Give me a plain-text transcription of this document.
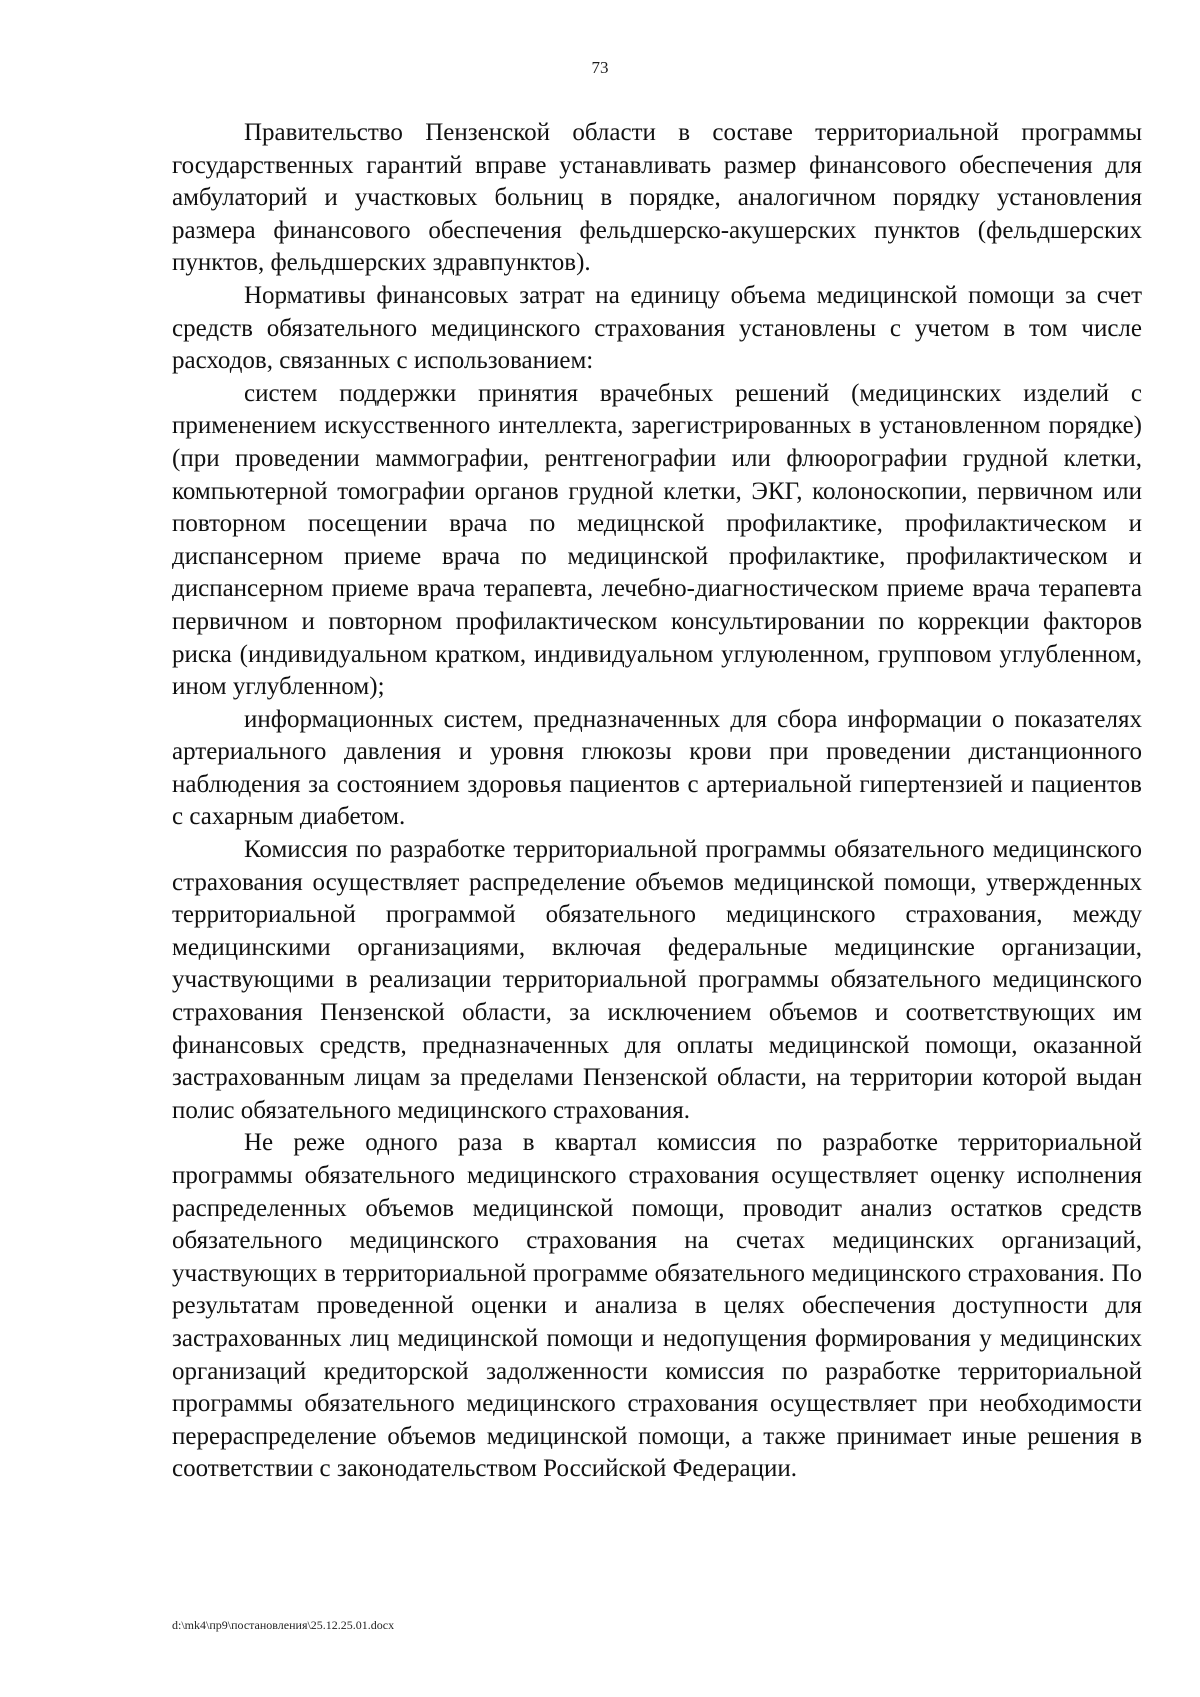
73

Правительство Пензенской области в составе территориальной программы государственных гарантий вправе устанавливать размер финансового обеспечения для амбулаторий и участковых больниц в порядке, аналогичном порядку установления размера финансового обеспечения фельдшерско-акушерских пунктов (фельдшерских пунктов, фельдшерских здравпунктов).

Нормативы финансовых затрат на единицу объема медицинской помощи за счет средств обязательного медицинского страхования установлены с учетом в том числе расходов, связанных с использованием:

систем поддержки принятия врачебных решений (медицинских изделий с применением искусственного интеллекта, зарегистрированных в установленном порядке) (при проведении маммографии, рентгенографии или флюорографии грудной клетки, компьютерной томографии органов грудной клетки, ЭКГ, колоноскопии, первичном или повторном посещении врача по медицнской профилактике, профилактическом и диспансерном приеме врача по медицинской профилактике, профилактическом и диспансерном приеме врача терапевта, лечебно-диагностическом приеме врача терапевта первичном и повторном профилактическом консультировании по коррекции факторов риска (индивидуальном кратком, индивидуальном углуюленном, групповом углубленном, ином углубленном);

информационных систем, предназначенных для сбора информации о показателях артериального давления и уровня глюкозы крови при проведении дистанционного наблюдения за состоянием здоровья пациентов с артериальной гипертензией и пациентов с сахарным диабетом.

Комиссия по разработке территориальной программы обязательного медицинского страхования осуществляет распределение объемов медицинской помощи, утвержденных территориальной программой обязательного медицинского страхования, между медицинскими организациями, включая федеральные медицинские организации, участвующими в реализации территориальной программы обязательного медицинского страхования Пензенской области, за исключением объемов и соответствующих им финансовых средств, предназначенных для оплаты медицинской помощи, оказанной застрахованным лицам за пределами Пензенской области, на территории которой выдан полис обязательного медицинского страхования.

Не реже одного раза в квартал комиссия по разработке территориальной программы обязательного медицинского страхования осуществляет оценку исполнения распределенных объемов медицинской помощи, проводит анализ остатков средств обязательного медицинского страхования на счетах медицинских организаций, участвующих в территориальной программе обязательного медицинского страхования. По результатам проведенной оценки и анализа в целях обеспечения доступности для застрахованных лиц медицинской помощи и недопущения формирования у медицинских организаций кредиторской задолженности комиссия по разработке территориальной программы обязательного медицинского страхования осуществляет при необходимости перераспределение объемов медицинской помощи, а также принимает иные решения в соответствии с законодательством Российской Федерации.

d:\mk4\пр9\постановления\25.12.25.01.docx
